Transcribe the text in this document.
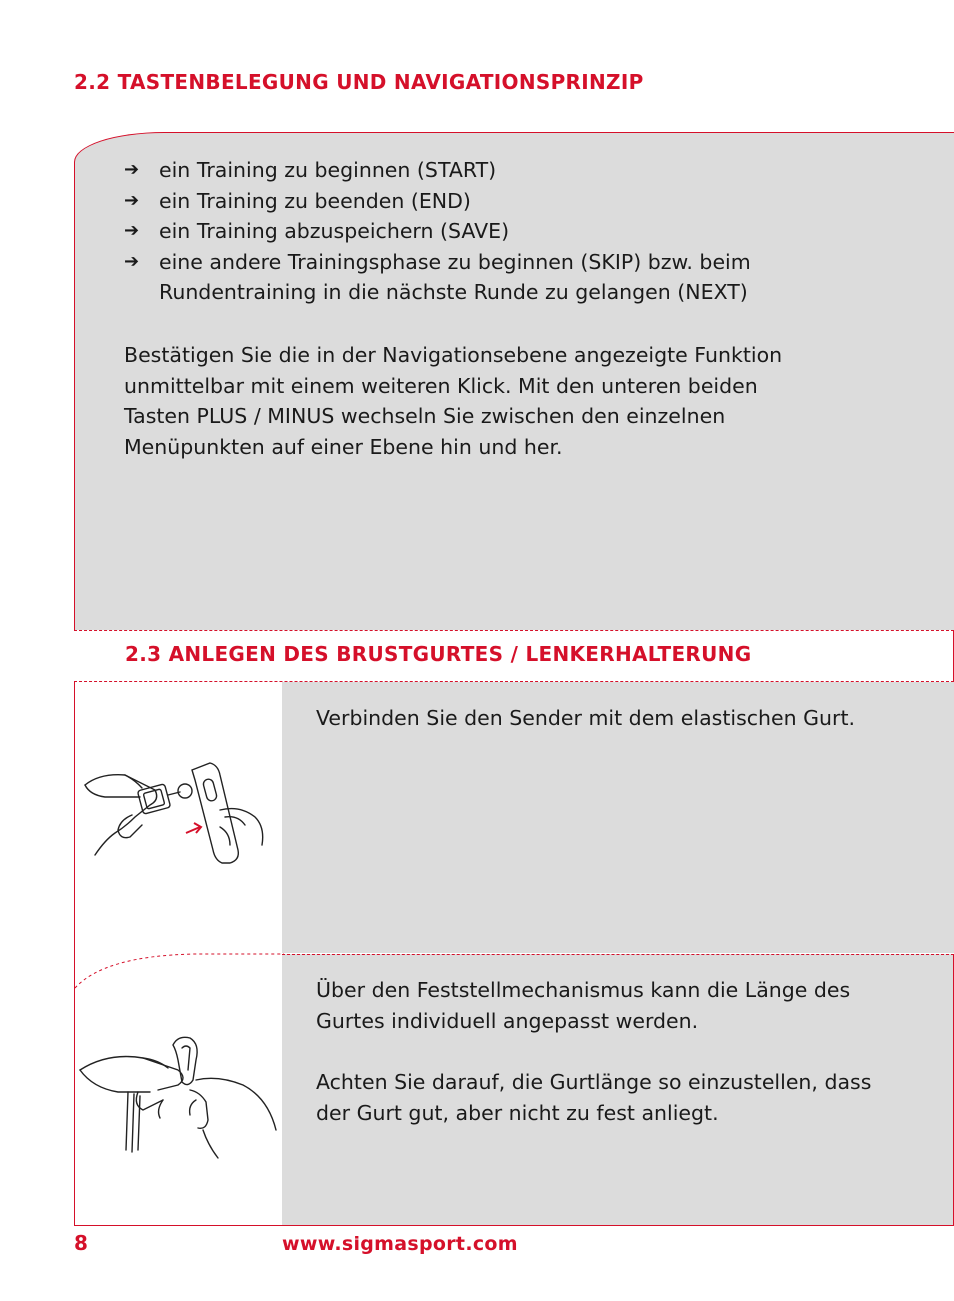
2.2 TASTENBELEGUNG UND NAVIGATIONSPRINZIP
➔ ein Training zu beginnen (START)
➔ ein Training zu beenden (END)
➔ ein Training abzuspeichern (SAVE)
➔ eine andere Trainingsphase zu beginnen (SKIP) bzw. beim Rundentraining in die nächste Runde zu gelangen (NEXT)

Bestätigen Sie die in der Navigationsebene angezeigte Funktion unmittelbar mit einem weiteren Klick. Mit den unteren beiden Tasten PLUS / MINUS wechseln Sie zwischen den einzelnen Menüpunkten auf einer Ebene hin und her.

2.3 ANLEGEN DES BRUSTGURTES / LENKERHALTERUNG

Verbinden Sie den Sender mit dem elastischen Gurt.

Über den Feststellmechanismus kann die Länge des Gurtes individuell angepasst werden.

Achten Sie darauf, die Gurtlänge so einzustellen, dass der Gurt gut, aber nicht zu fest anliegt.

8	www.sigmasport.com
